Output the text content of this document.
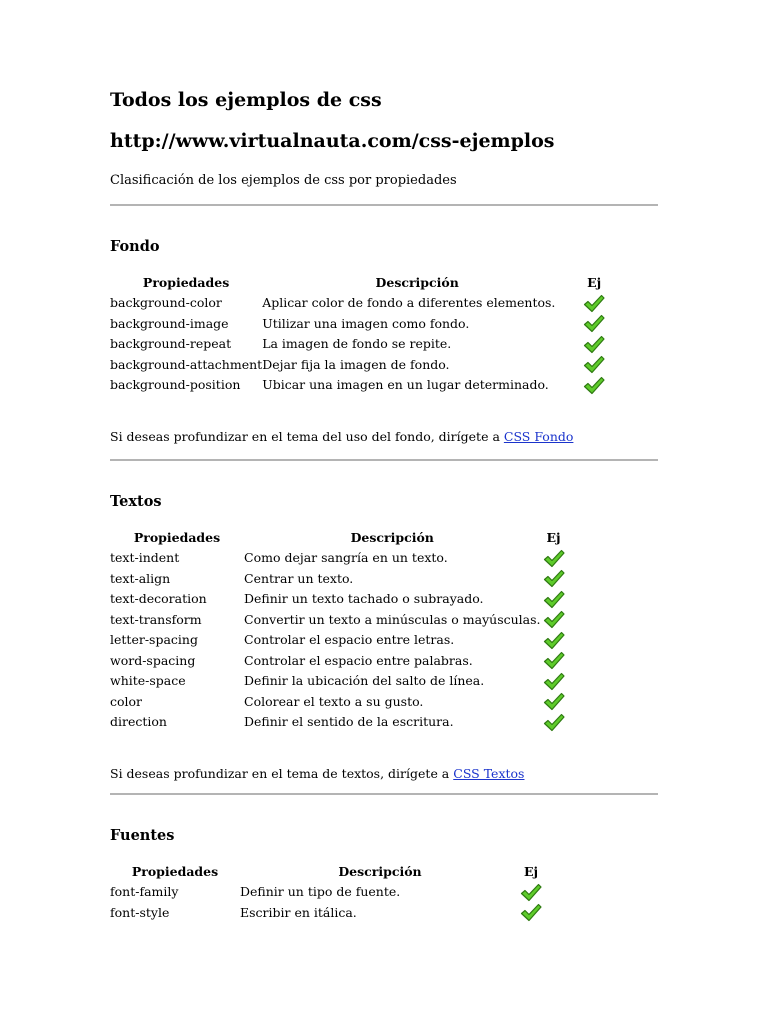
Todos los ejemplos de css
http://www.virtualnauta.com/css-ejemplos
Clasificación de los ejemplos de css por propiedades
Fondo
Propiedades	Descripción	Ej
background-color	Aplicar color de fondo a diferentes elementos.	
background-image	Utilizar una imagen como fondo.	
background-repeat	La imagen de fondo se repite.	
background-attachment	Dejar fija la imagen de fondo.	
background-position	Ubicar una imagen en un lugar determinado.	
Si deseas profundizar en el tema del uso del fondo, dirígete a CSS Fondo
Textos
Propiedades	Descripción	Ej
text-indent	Como dejar sangría en un texto.	
text-align	Centrar un texto.	
text-decoration	Definir un texto tachado o subrayado.	
text-transform	Convertir un texto a minúsculas o mayúsculas.	
letter-spacing	Controlar el espacio entre letras.	
word-spacing	Controlar el espacio entre palabras.	
white-space	Definir la ubicación del salto de línea.	
color	Colorear el texto a su gusto.	
direction	Definir el sentido de la escritura.	
Si deseas profundizar en el tema de textos, dirígete a CSS Textos
Fuentes
Propiedades	Descripción	Ej
font-family	Definir un tipo de fuente.	
font-style	Escribir en itálica.	
